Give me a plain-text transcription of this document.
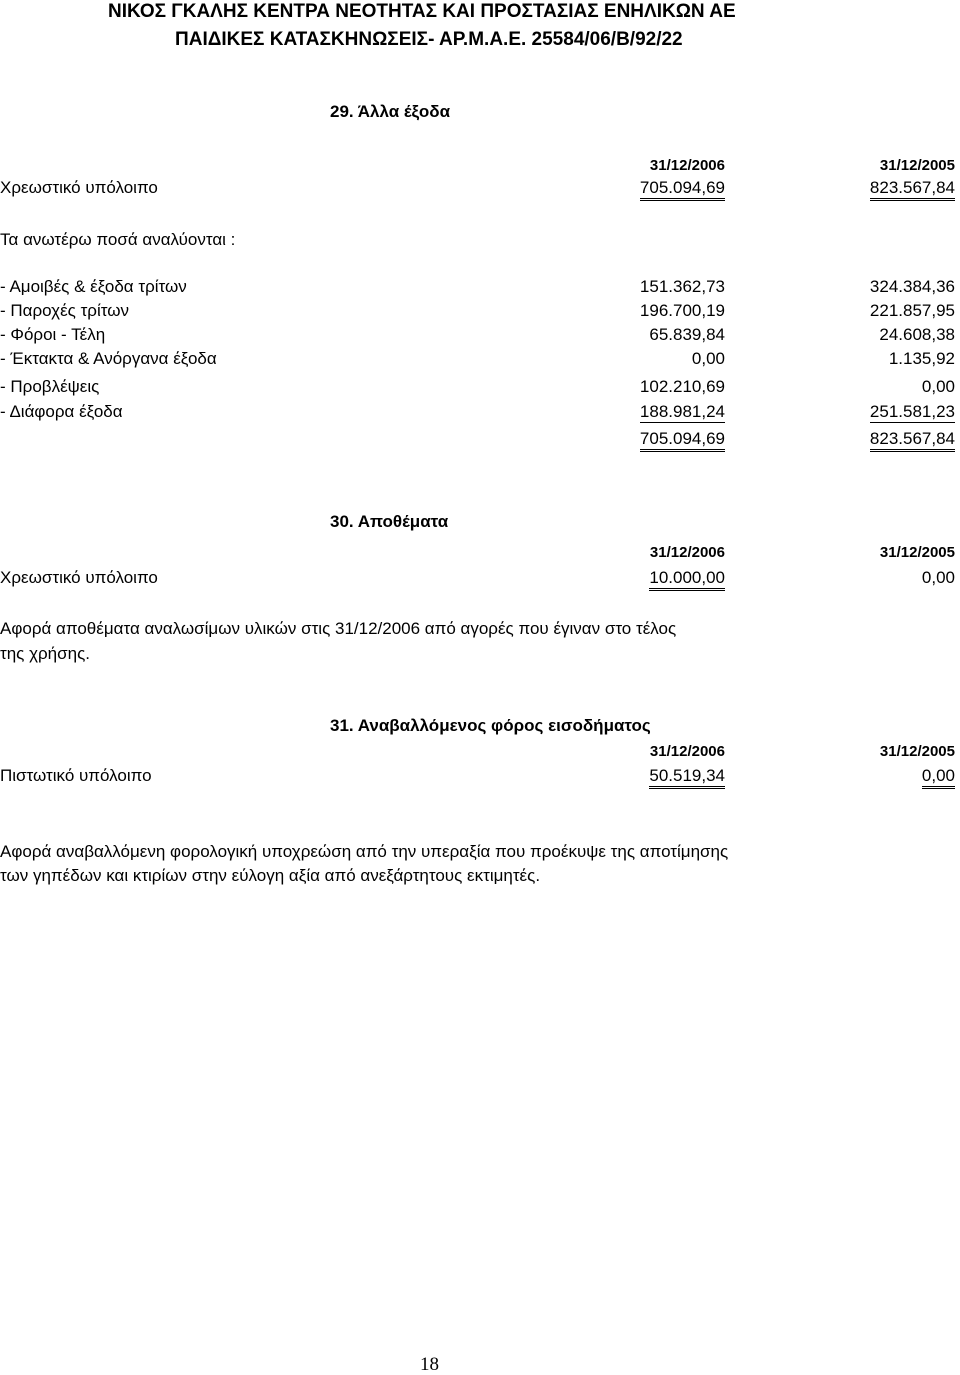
ΝΙΚΟΣ ΓΚΑΛΗΣ ΚΕΝΤΡΑ ΝΕΟΤΗΤΑΣ ΚΑΙ ΠΡΟΣΤΑΣΙΑΣ ΕΝΗΛΙΚΩΝ ΑΕ
ΠΑΙΔΙΚΕΣ ΚΑΤΑΣΚΗΝΩΣΕΙΣ- ΑΡ.Μ.Α.Ε. 25584/06/Β/92/22
29. Άλλα έξοδα
31/12/2006	31/12/2005
Χρεωστικό υπόλοιπο	705.094,69	823.567,84
Τα ανωτέρω ποσά αναλύονται :
- Αμοιβές & έξοδα τρίτων	151.362,73	324.384,36
- Παροχές τρίτων	196.700,19	221.857,95
- Φόροι - Τέλη	65.839,84	24.608,38
- Έκτακτα & Ανόργανα έξοδα	0,00	1.135,92
- Προβλέψεις	102.210,69	0,00
- Διάφορα έξοδα	188.981,24	251.581,23
705.094,69	823.567,84
30. Αποθέματα
31/12/2006	31/12/2005
Χρεωστικό υπόλοιπο	10.000,00	0,00
Αφορά αποθέματα αναλωσίμων υλικών στις 31/12/2006 από αγορές που έγιναν στο τέλος
της χρήσης.
31. Αναβαλλόμενος φόρος εισοδήματος
31/12/2006	31/12/2005
Πιστωτικό υπόλοιπο	50.519,34	0,00
Αφορά αναβαλλόμενη φορολογική υποχρεώση από την υπεραξία που προέκυψε της αποτίμησης
των γηπέδων και κτιρίων στην εύλογη αξία από ανεξάρτητους εκτιμητές.
18
